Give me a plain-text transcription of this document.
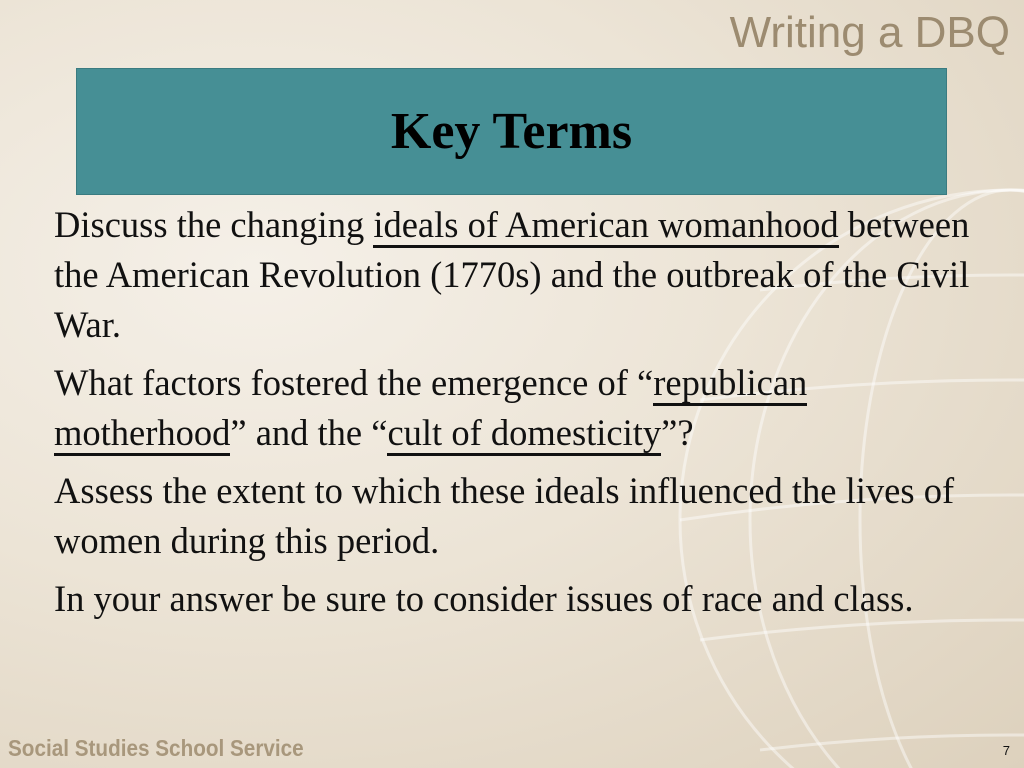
Writing a DBQ
Key Terms

Discuss the changing ideals of American womanhood between the American Revolution (1770s) and the outbreak of the Civil War.

What factors fostered the emergence of “republican motherhood” and the “cult of domesticity”?

Assess the extent to which these ideals influenced the lives of women during this period.

In your answer be sure to consider issues of race and class.

Social Studies School Service	7
